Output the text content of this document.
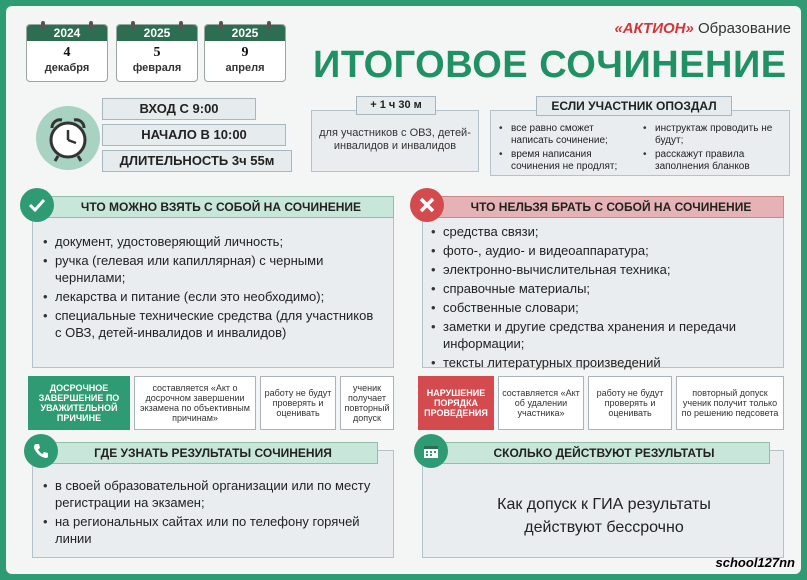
2024
4
декабря
2025
5
февраля
2025
9
апреля
«АКТИОН» Образование
ИТОГОВОЕ СОЧИНЕНИЕ
ВХОД С 9:00
НАЧАЛО В 10:00
ДЛИТЕЛЬНОСТЬ 3ч 55м
для участников с ОВЗ, детей-инвалидов и инвалидов
+ 1 ч 30 м
• все равно сможет написать сочинение;
• время написания сочинения не продлят;
• инструктаж проводить не будут;
• расскажут правила заполнения бланков
ЕСЛИ УЧАСТНИК ОПОЗДАЛ
• документ, удостоверяющий личность;
• ручка (гелевая или капиллярная) с черными чернилами;
• лекарства и питание (если это необходимо);
• специальные технические средства (для участников с ОВЗ, детей-инвалидов и инвалидов)
ЧТО МОЖНО ВЗЯТЬ С СОБОЙ НА СОЧИНЕНИЕ
• средства связи;
• фото-, аудио- и видеоаппаратура;
• электронно-вычислительная техника;
• справочные материалы;
• собственные словари;
• заметки и другие средства хранения и передачи информации;
• тексты литературных произведений
ЧТО НЕЛЬЗЯ БРАТЬ С СОБОЙ НА СОЧИНЕНИЕ
ДОСРОЧНОЕ ЗАВЕРШЕНИЕ ПО УВАЖИТЕЛЬНОЙ ПРИЧИНЕ
составляется «Акт о досрочном завершении экзамена по объективным причинам»
работу не будут проверять и оценивать
ученик получает повторный допуск
НАРУШЕНИЕ ПОРЯДКА ПРОВЕДЕНИЯ
составляется «Акт об удалении участника»
работу не будут проверять и оценивать
повторный допуск ученик получит только по решению педсовета
• в своей образовательной организации или по месту регистрации на экзамен;
• на региональных сайтах или по телефону горячей линии
ГДЕ УЗНАТЬ РЕЗУЛЬТАТЫ СОЧИНЕНИЯ
Как допуск к ГИА результаты действуют бессрочно
СКОЛЬКО ДЕЙСТВУЮТ РЕЗУЛЬТАТЫ
school127nn
